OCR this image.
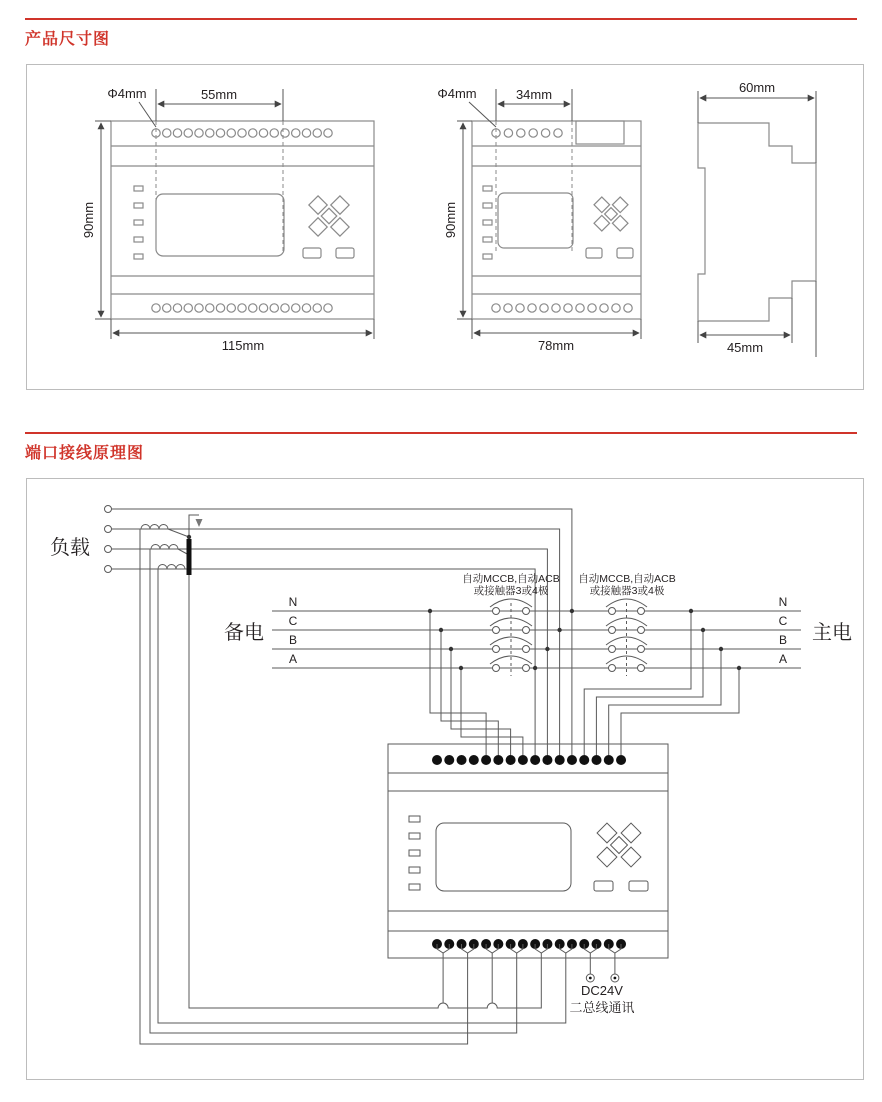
产品尺寸图
55mm
Φ4mm
90mm
115mm
34mm
Φ4mm
90mm
78mm
60mm
45mm
端口接线原理图
负载
备电	主电
N
C
B
A
N
C
B
A
自动MCCB,自动ACB
或接触器3或4极
自动MCCB,自动ACB
或接触器3或4极
DC24V
二总线通讯
